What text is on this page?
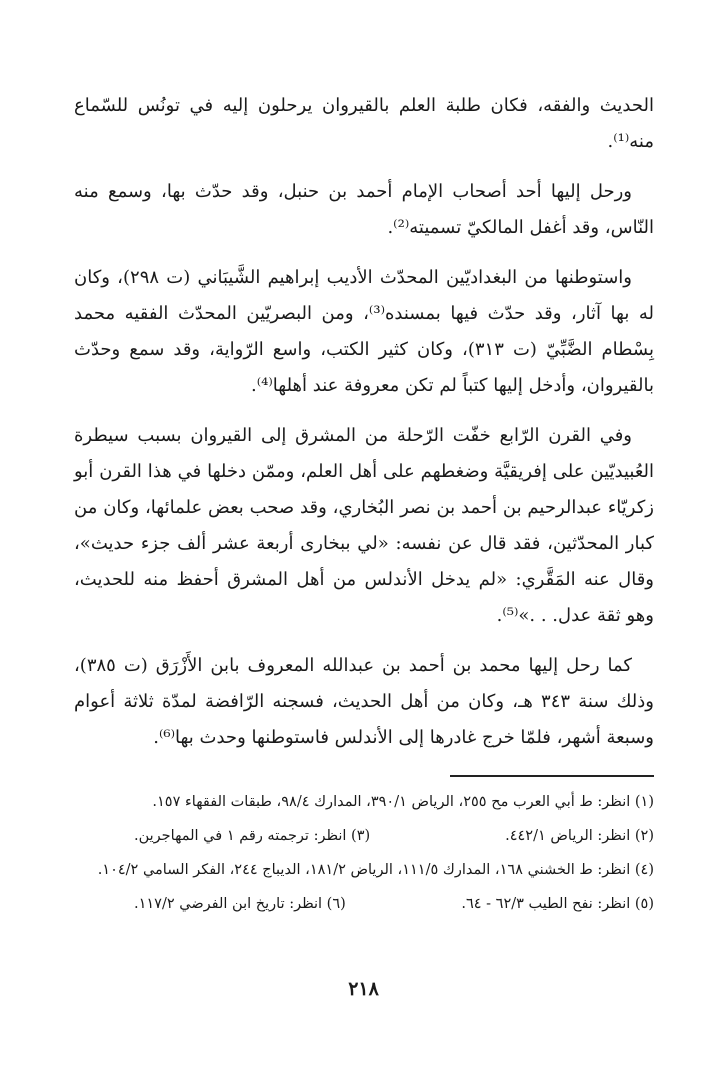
الحديث والفقه، فكان طلبة العلم بالقيروان يرحلون إليه في تونُس للسّماع منه⁽¹⁾.

ورحل إليها أحد أصحاب الإمام أحمد بن حنبل، وقد حدّث بها، وسمع منه النّاس، وقد أغفل المالكيّ تسميته⁽²⁾.

واستوطنها من البغداديّين المحدّث الأديب إبراهيم الشَّيبَاني (ت ٢٩٨)، وكان له بها آثار، وقد حدّث فيها بمسنده⁽³⁾، ومن البصريّين المحدّث الفقيه محمد بِسْطام الضَّبِّيّ (ت ٣١٣)، وكان كثير الكتب، واسع الرّواية، وقد سمع وحدّث بالقيروان، وأدخل إليها كتباً لم تكن معروفة عند أهلها⁽⁴⁾.

وفي القرن الرّابع خفّت الرّحلة من المشرق إلى القيروان بسبب سيطرة العُبيديّين على إفريقيَّة وضغطهم على أهل العلم، وممّن دخلها في هذا القرن أبو زكريّاء عبدالرحيم بن أحمد بن نصر البُخاري، وقد صحب بعض علمائها، وكان من كبار المحدّثين، فقد قال عن نفسه: «لي ببخارى أربعة عشر ألف جزء حديث»، وقال عنه المَقَّري: «لم يدخل الأندلس من أهل المشرق أحفظ منه للحديث، وهو ثقة عدل. . .»⁽⁵⁾.

كما رحل إليها محمد بن أحمد بن عبدالله المعروف بابن الأَزْرَق (ت ٣٨٥)، وذلك سنة ٣٤٣ هـ، وكان من أهل الحديث، فسجنه الرّافضة لمدّة ثلاثة أعوام وسبعة أشهر، فلمّا خرج غادرها إلى الأندلس فاستوطنها وحدث بها⁽⁶⁾.

(١) انظر: ط أبي العرب مح ٢٥٥، الرياض ٣٩٠/١، المدارك ٩٨/٤، طبقات الفقهاء ١٥٧.

(٢) انظر: الرياض ٤٤٢/١.
(٣) انظر: ترجمته رقم ١ في المهاجرين.

(٤) انظر: ط الخشني ١٦٨، المدارك ١١١/٥، الرياض ١٨١/٢، الديباج ٢٤٤، الفكر السامي ١٠٤/٢.

(٥) انظر: نفح الطيب ٦٢/٣ - ٦٤.
(٦) انظر: تاريخ ابن الفرضي ١١٧/٢.
٢١٨
